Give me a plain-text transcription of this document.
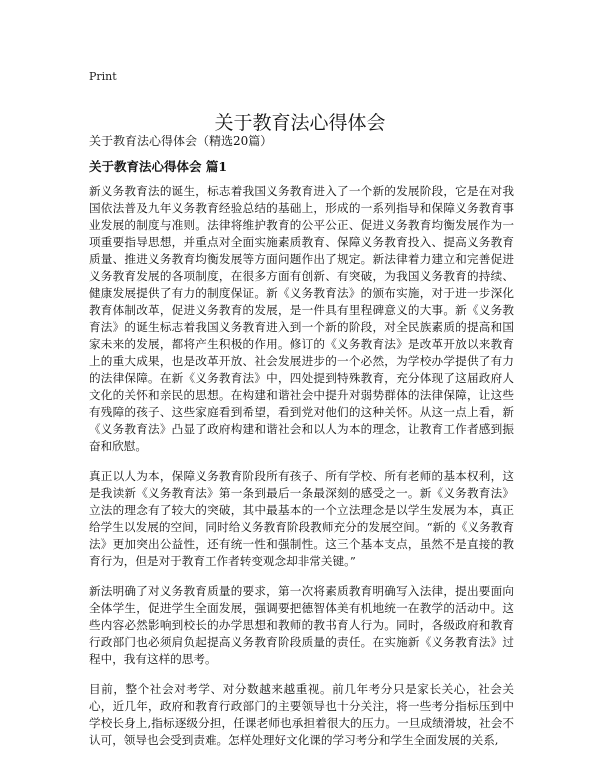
Print
关于教育法心得体会
关于教育法心得体会（精选20篇）
关于教育法心得体会 篇1

新义务教育法的诞生，标志着我国义务教育进入了一个新的发展阶段，它是在对我国依法普及九年义务教育经验总结的基础上，形成的一系列指导和保障义务教育事业发展的制度与准则。法律将维护教育的公平公正、促进义务教育均衡发展作为一项重要指导思想，并重点对全面实施素质教育、保障义务教育投入、提高义务教育质量、推进义务教育均衡发展等方面问题作出了规定。新法律着力建立和完善促进义务教育发展的各项制度，在很多方面有创新、有突破，为我国义务教育的持续、健康发展提供了有力的制度保证。新《义务教育法》的颁布实施，对于进一步深化教育体制改革，促进义务教育的发展，是一件具有里程碑意义的大事。新《义务教育法》的诞生标志着我国义务教育进入到一个新的阶段，对全民族素质的提高和国家未来的发展，都将产生积极的作用。修订的《义务教育法》是改革开放以来教育上的重大成果，也是改革开放、社会发展进步的一个必然，为学校办学提供了有力的法律保障。在新《义务教育法》中，四处提到特殊教育，充分体现了这届政府人文化的关怀和亲民的思想。在构建和谐社会中提升对弱势群体的法律保障，让这些有残障的孩子、这些家庭看到希望，看到党对他们的这种关怀。从这一点上看，新《义务教育法》凸显了政府构建和谐社会和以人为本的理念，让教育工作者感到振奋和欣慰。

真正以人为本，保障义务教育阶段所有孩子、所有学校、所有老师的基本权利，这是我读新《义务教育法》第一条到最后一条最深刻的感受之一。新《义务教育法》立法的理念有了较大的突破，其中最基本的一个立法理念是以学生发展为本，真正给学生以发展的空间，同时给义务教育阶段教师充分的发展空间。“新的《义务教育法》更加突出公益性，还有统一性和强制性。这三个基本支点，虽然不是直接的教育行为，但是对于教育工作者转变观念却非常关键。”

新法明确了对义务教育质量的要求，第一次将素质教育明确写入法律，提出要面向全体学生，促进学生全面发展，强调要把德智体美有机地统一在教学的活动中。这些内容必然影响到校长的办学思想和教师的教书育人行为。同时，各级政府和教育行政部门也必须肩负起提高义务教育阶段质量的责任。在实施新《义务教育法》过程中，我有这样的思考。

目前，整个社会对考学、对分数越来越重视。前几年考分只是家长关心，社会关心，近几年，政府和教育行政部门的主要领导也十分关注，将一些考分指标压到中学校长身上,指标逐级分担，任课老师也承担着很大的压力。一旦成绩滑坡，社会不认可，领导也会受到责难。怎样处理好文化课的学习考分和学生全面发展的关系,
